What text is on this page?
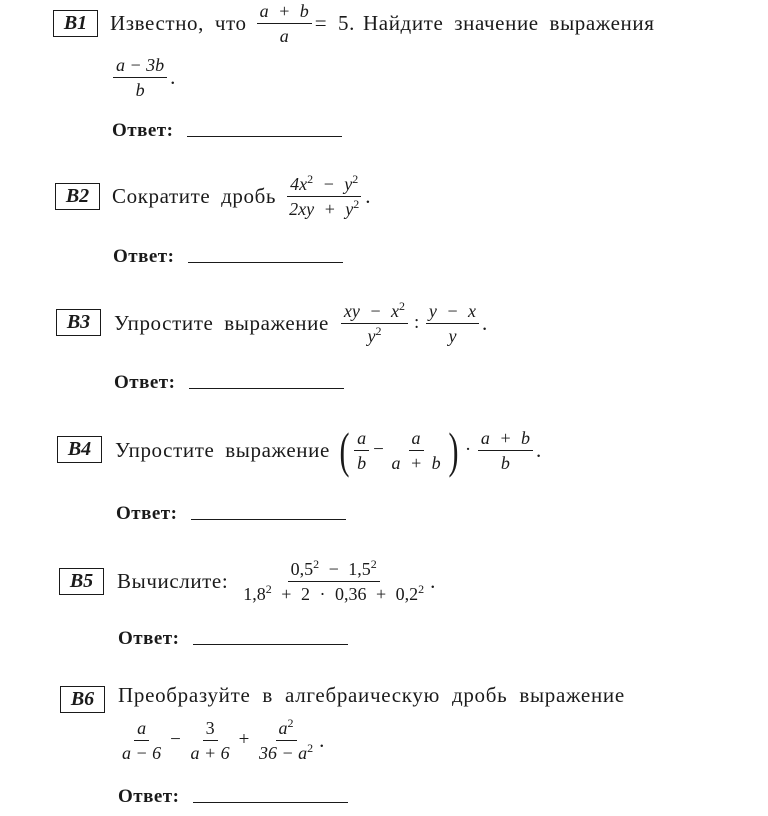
B1	Известно, что $\frac{a + b}{a} = 5$. Найдите значение выражения
$\frac{a - 3b}{b}$ .
Ответ:
B2	Сократите дробь $\frac{4x^2 - y^2}{2xy + y^2}$ .
Ответ:
B3	Упростите выражение $\frac{xy - x^2}{y^2}$ : $\frac{y - x}{y}$ .
Ответ:
B4	Упростите выражение ( $\frac{a}{b} - \frac{a}{a + b}$ ) · $\frac{a + b}{b}$ .
Ответ:
B5	Вычислите: $\frac{0,5^2 - 1,5^2}{1,8^2 + 2 \cdot 0,36 + 0,2^2}$ .
Ответ:
B6	Преобразуйте в алгебраическую дробь выражение
$\frac{a}{a - 6} - \frac{3}{a + 6} + \frac{a^2}{36 - a^2}$ .
Ответ:
